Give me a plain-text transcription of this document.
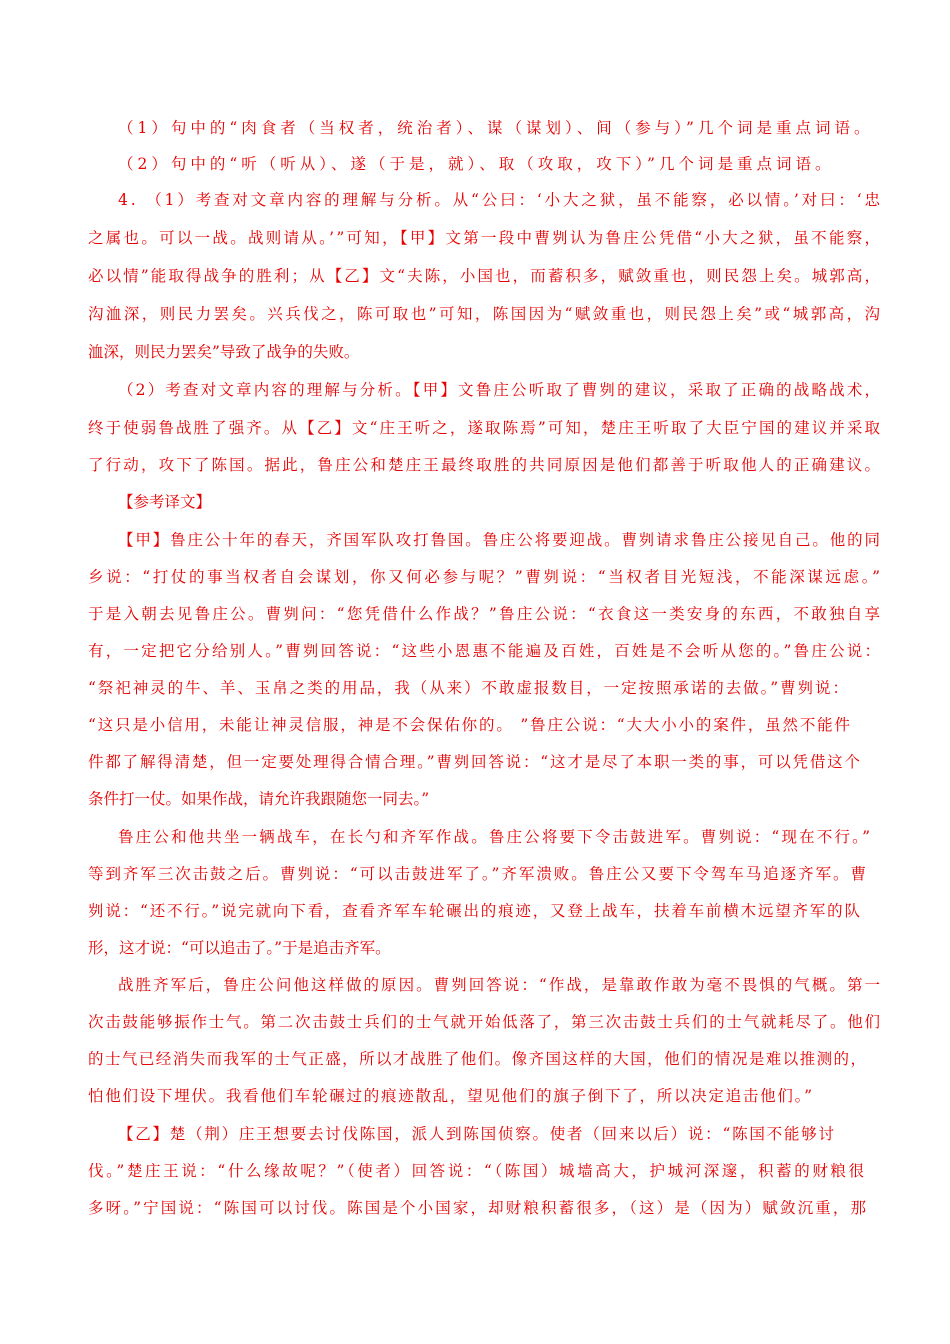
（1）句中的“肉食者（当权者，统治者）、谋（谋划）、间（参与）”几个词是重点词语。
（2）句中的“听（听从）、遂（于是，就）、取（攻取，攻下）”几个词是重点词语。
4. （1）考查对文章内容的理解与分析。从“公曰：‘小大之狱，虽不能察，必以情。’对曰：‘忠
之属也。可以一战。战则请从。’”可知，【甲】文第一段中曹刿认为鲁庄公凭借“小大之狱，虽不能察，
必以情”能取得战争的胜利；从【乙】文“夫陈，小国也，而蓄积多，赋敛重也，则民怨上矣。城郭高，
沟洫深，则民力罢矣。兴兵伐之，陈可取也”可知，陈国因为“赋敛重也，则民怨上矣”或“城郭高，沟
洫深，则民力罢矣”导致了战争的失败。
（2）考查对文章内容的理解与分析。【甲】文鲁庄公听取了曹刿的建议，采取了正确的战略战术，
终于使弱鲁战胜了强齐。从【乙】文“庄王听之，遂取陈焉”可知，楚庄王听取了大臣宁国的建议并采取
了行动，攻下了陈国。据此，鲁庄公和楚庄王最终取胜的共同原因是他们都善于听取他人的正确建议。
【参考译文】
【甲】鲁庄公十年的春天，齐国军队攻打鲁国。鲁庄公将要迎战。曹刿请求鲁庄公接见自己。他的同
乡说：“打仗的事当权者自会谋划，你又何必参与呢？”曹刿说：“当权者目光短浅，不能深谋远虑。”
于是入朝去见鲁庄公。曹刿问：“您凭借什么作战？”鲁庄公说：“衣食这一类安身的东西，不敢独自享
有，一定把它分给别人。”曹刿回答说：“这些小恩惠不能遍及百姓，百姓是不会听从您的。”鲁庄公说：
“祭祀神灵的牛、羊、玉帛之类的用品，我（从来）不敢虚报数目，一定按照承诺的去做。”曹刿说：
“这只是小信用，未能让神灵信服，神是不会保佑你的。 ”鲁庄公说：“大大小小的案件，虽然不能件
件都了解得清楚，但一定要处理得合情合理。”曹刿回答说：“这才是尽了本职一类的事，可以凭借这个
条件打一仗。如果作战，请允许我跟随您一同去。”
鲁庄公和他共坐一辆战车，在长勺和齐军作战。鲁庄公将要下令击鼓进军。曹刿说：“现在不行。”
等到齐军三次击鼓之后。曹刿说：“可以击鼓进军了。”齐军溃败。鲁庄公又要下令驾车马追逐齐军。曹
刿说：“还不行。”说完就向下看，查看齐军车轮碾出的痕迹，又登上战车，扶着车前横木远望齐军的队
形，这才说：“可以追击了。”于是追击齐军。
战胜齐军后，鲁庄公问他这样做的原因。曹刿回答说：“作战，是靠敢作敢为毫不畏惧的气概。第一
次击鼓能够振作士气。第二次击鼓士兵们的士气就开始低落了，第三次击鼓士兵们的士气就耗尽了。他们
的士气已经消失而我军的士气正盛，所以才战胜了他们。像齐国这样的大国，他们的情况是难以推测的，
怕他们设下埋伏。我看他们车轮碾过的痕迹散乱，望见他们的旗子倒下了，所以决定追击他们。”
【乙】楚（荆）庄王想要去讨伐陈国，派人到陈国侦察。使者（回来以后）说：“陈国不能够讨
伐。”楚庄王说：“什么缘故呢？”（使者）回答说：“（陈国）城墙高大，护城河深邃，积蓄的财粮很
多呀。”宁国说：“陈国可以讨伐。陈国是个小国家，却财粮积蓄很多，（这）是（因为）赋敛沉重，那
